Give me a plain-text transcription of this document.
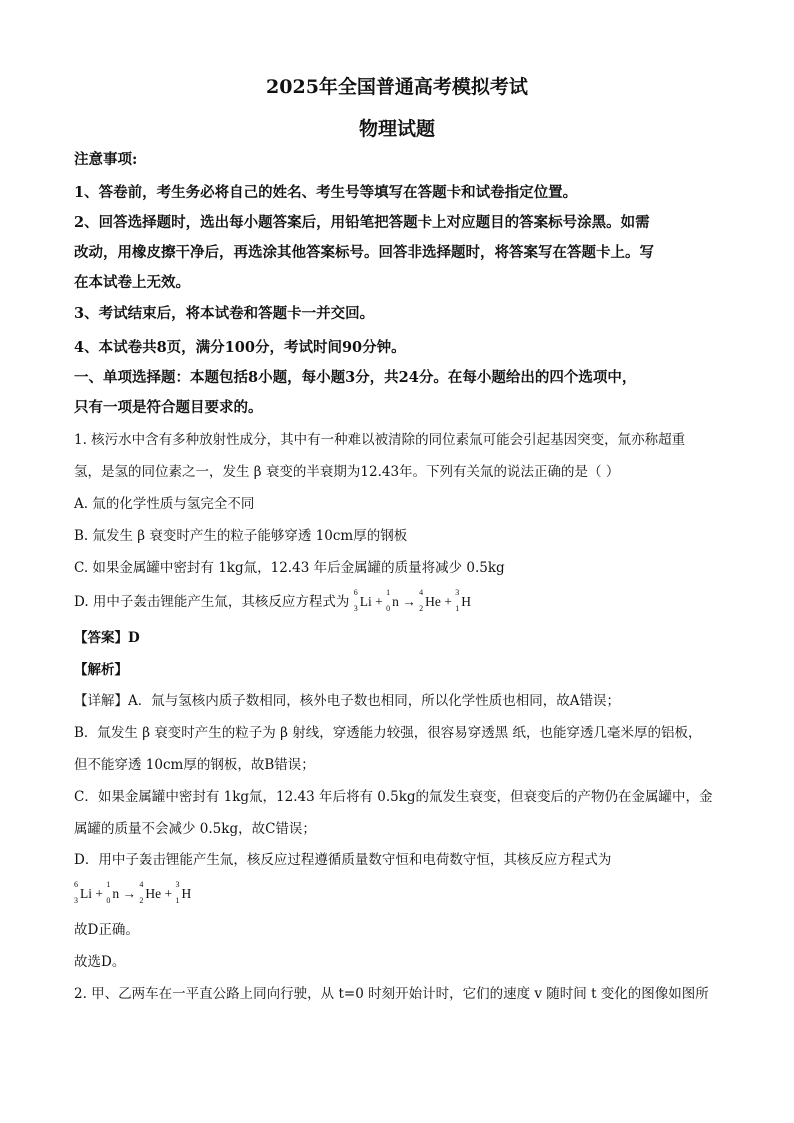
2025年全国普通高考模拟考试
物理试题
注意事项:
1、答卷前，考生务必将自己的姓名、考生号等填写在答题卡和试卷指定位置。
2、回答选择题时，选出每小题答案后，用铅笔把答题卡上对应题目的答案标号涂黑。如需
改动，用橡皮擦干净后，再选涂其他答案标号。回答非选择题时，将答案写在答题卡上。写
在本试卷上无效。
3、考试结束后，将本试卷和答题卡一并交回。
4、本试卷共8页，满分100分，考试时间90分钟。
一、单项选择题：本题包括8小题，每小题3分，共24分。在每小题给出的四个选项中，
只有一项是符合题目要求的。
1. 核污水中含有多种放射性成分，其中有一种难以被清除的同位素氚可能会引起基因突变，氚亦称超重
氢，是氢的同位素之一，发生 β 衰变的半衰期为12.43年。下列有关氚的说法正确的是（ ）
A. 氚的化学性质与氢完全不同
B. 氚发生 β 衰变时产生的粒子能够穿透 10cm厚的钢板
C. 如果金属罐中密封有 1kg氚，12.43 年后金属罐的质量将减少 0.5kg
D. 用中子轰击锂能产生氚，其核反应方程式为
6
3 Li +
1
0 n →
4
2 He +
3
1 H
【答案】D
【解析】
【详解】A．氚与氢核内质子数相同，核外电子数也相同，所以化学性质也相同，故A错误；
B．氚发生 β 衰变时产生的粒子为 β 射线，穿透能力较强，很容易穿透黑 纸，也能穿透几毫米厚的铝板，
但不能穿透 10cm厚的钢板，故B错误；
C．如果金属罐中密封有 1kg氚，12.43 年后将有 0.5kg的氚发生衰变，但衰变后的产物仍在金属罐中，金
属罐的质量不会减少 0.5kg，故C错误；
D．用中子轰击锂能产生氚，核反应过程遵循质量数守恒和电荷数守恒，其核反应方程式为
6
3 Li +
1
0 n →
4
2 He +
3
1 H
故D正确。
故选D。
2. 甲、乙两车在一平直公路上同向行驶，从 t=0 时刻开始计时，它们的速度 v 随时间 t 变化的图像如图所
